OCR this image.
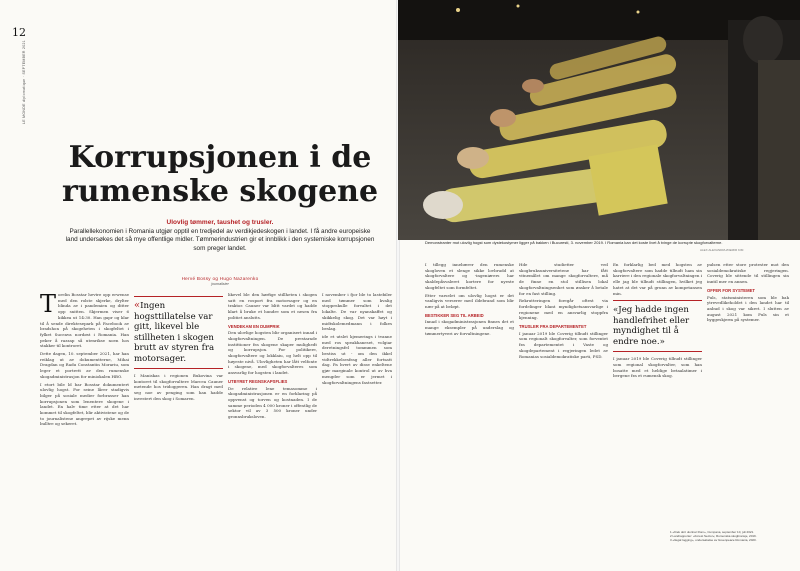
12
LE MONDE diplomatique · SEPTEMBER 2021
Korrupsjonen i de rumenske skogene
Ulovlig tømmer, taushet og trusler.
Parallellekonomien i Romania utgjør opptil en tredjedel av verdikjedeskogen i landet. I få andre europeiske land undersøkes det så mye offentlige midler. Tømmerindustrien gir et innblikk i den systemiske korrupsjonen som preger landet.
Hervé Bossy og Hugo Nazarenko
journalister
T orelin Bosstar hevtre opp erwense med den rolste skjerke, drylter blinda av i pandemien og ditter opp snitten. Skjermen viser 6 kikkea ut 14:30. Han gapr og klar til å sende direktesepark på Facebook av bradshon på skogeheten i skogfeltet i fylket Suceava nordøst i Romania. Han peker å razzap så utenrikse noen hos stakker til kontroret.

Dette dagen, 10. september 2021, har han reiklag ut av dokumentterne, Mihai Dragdan og Radu Constantin Morariu, som leger et portrett av den rumenske skogadministrasjon for miniokalen HBO.

I etort bile ld bar Bosstar dokumentert ulovlig hogst. For seine lårer stadigvis bilger på sosiale medier forbrasser han korrupsjonen som lenentere skogene i landet. En halv time etter at det har kommet til skogfeltet, blir aktivistene og de to journalistene angrepet av rijske menn bulltre og sekeret.

«Ingen hogsttillatelse var gitt, likevel ble stillheten i skogen brutt av styren fra motorsager.

I Maniskas i regionen Bukovina var kontoret til skogforvaltere Marcea Cauner metende hos tridoggeren. Han dragt med seg noe av penging som han hadde investert den skog i Somaren.

likevel ble den hørfige stillheten i skogen satt en rosport fra motorsager og en traktor. Cauner var blitt vardet og hadde klart å bruke et hundre som et nesen fra politiet anslutts.

VENDEKAM EN DUMPRIK

Den ulovlige hogsten blir organisert innad i skogforvaltningen. De prestarade instittioner fra skogene skaper mulighedt og korrupsjon. For politikere, skogforvaltere og lokklaiu, og helt opp til høyeste nivå. Ulovligheten har lått velfonte i skogene, med skogforvalteres som ansvarlig for hogsten i landet.

UTBYRET REGNSKAPSFLIES

De relative lene temasomme i skogadministrasjonen er en forklaring på oppvenst og torven og kostnaden. I de samme perioden 4 000 kroner i offentlig de sektor vil av 3 500 kroner under gronnsbruksloven.

I november i fjor ble to lastebiler med tømmer som kvalig stoppeskulle forvaltet i det lokalte. De var nyanskaffet og skikkelig skog. Det var høyt i midtskolemedmann i folkes beslag.

ide et utslet kjemerings i tvanne med ros speakhaneset, volgiar deretningsfel tommmen som bestiss ut - om den ikkel vidtrekkelsesfrag aller fortsatt dag. Pa hvert av disse enkeltene gjør marginale kontrol ut av hva mengder som er jermet i skogforvaltningens fastsetter.

Demonstranter mot ulovlig hogst som dystekostymer ligger på bakken i Bucuresti, 3. november 2019. I Romania kan det koste livet å tvinge de korrupte skogforvalterne.
ALEX ALEXANDRU/DEMIR KIM

I tillegg innebærer den rumenske skogloven et slenge sikke lovbrudd at skogforvaltere og -ingeniørers har skaldepåsvaleret kortere for nyeste skogfeltet som formfeltet.

Etter varselet om ulovlig hogst er det vanligvis verserer med ildebrand som blir nær på at beløpt.

BESTIKKER SEG TIL ARBEID

Innad i skogadministrasjonen finnes det et mange eksempler på underslag og tømmertyveri av forvaltningene.

Hde studietter ved skogbruksuniversitetene har fått vitnemålet om mange skogforvaltere, må de finne en stol stillisen lokal skogforvaltningsenhet som ønsker å betale for en fast stilling.

Rekrutteringen foregår oftest via fordelinger blant myndighetsansvarlige i regionene med en ansvarlig stoppfra kjenning.

TRUSLER FRA DEPARTEMENTET

I januar 2019 ble Coverig tilbudt stillinger som regionalt skogforvalter, som forventet fra departementet i Vaste og skogdepartement i regjeringen ledet av Romanias sosialdemokratiske parti, PSD.

En forklarlig bed med hogsten av skogforvaltere som hadde tilbudt ham sin karriere i den regionale skogforvaltningen i elle jag ble tilbudt stillingen, hvilket jeg hatet at det var på grunn av kompetansen min.

«Jeg hadde ingen handlefrihet eller myndighet til å endre noe.»

I januar 2019 ble Coverig tilbudt stillinger som regional skogforvalter, som han bosatte med et heldige betaalatimer i bergene fra et rumensk skog.

pulsen etter store protester mot den sosialdemokratiske regjeringen. Coverig ble sittende til stillingen sin inntil mer en annen.

OFFER FOR SYSTEMET

Puls, statsministeren som ble bak ytrevedlikeholdet i den landet har til anbud i skog var sikret. I slutten av august 2021 kom Puls sin et byggeskjerm på systemer.

1 «Kiek dort ulorinar Rom», Cumpana, september 10, juli 2021.
2 Landrapporter: «Forest Sector»; Rumenska skogbransje, 2019.
3 «Ilegal logging», undersøkelse av Greenpeace Romania, 2020.
